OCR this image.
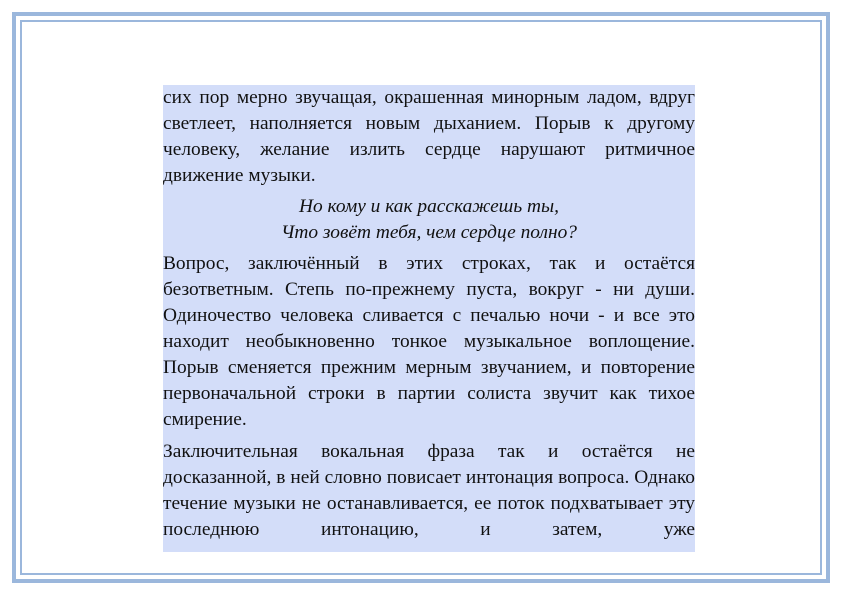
сих пор мерно звучащая, окрашенная минорным ладом, вдруг светлеет, наполняется новым дыханием. Порыв к другому человеку, желание излить сердце нарушают ритмичное движение музыки.

Но кому и как расскажешь ты,
Что зовёт тебя, чем сердце полно?

Вопрос, заключённый в этих строках, так и остаётся безответным. Степь по-прежнему пуста, вокруг - ни души. Одиночество человека сливается с печалью ночи - и все это находит необыкновенно тонкое музыкальное воплощение. Порыв сменяется прежним мерным звучанием, и повторение первоначальной строки в партии солиста звучит как тихое смирение.

Заключительная вокальная фраза так и остаётся не досказанной, в ней словно повисает интонация вопроса. Однако течение музыки не останавливается, ее поток подхватывает эту последнюю интонацию, и затем, уже
